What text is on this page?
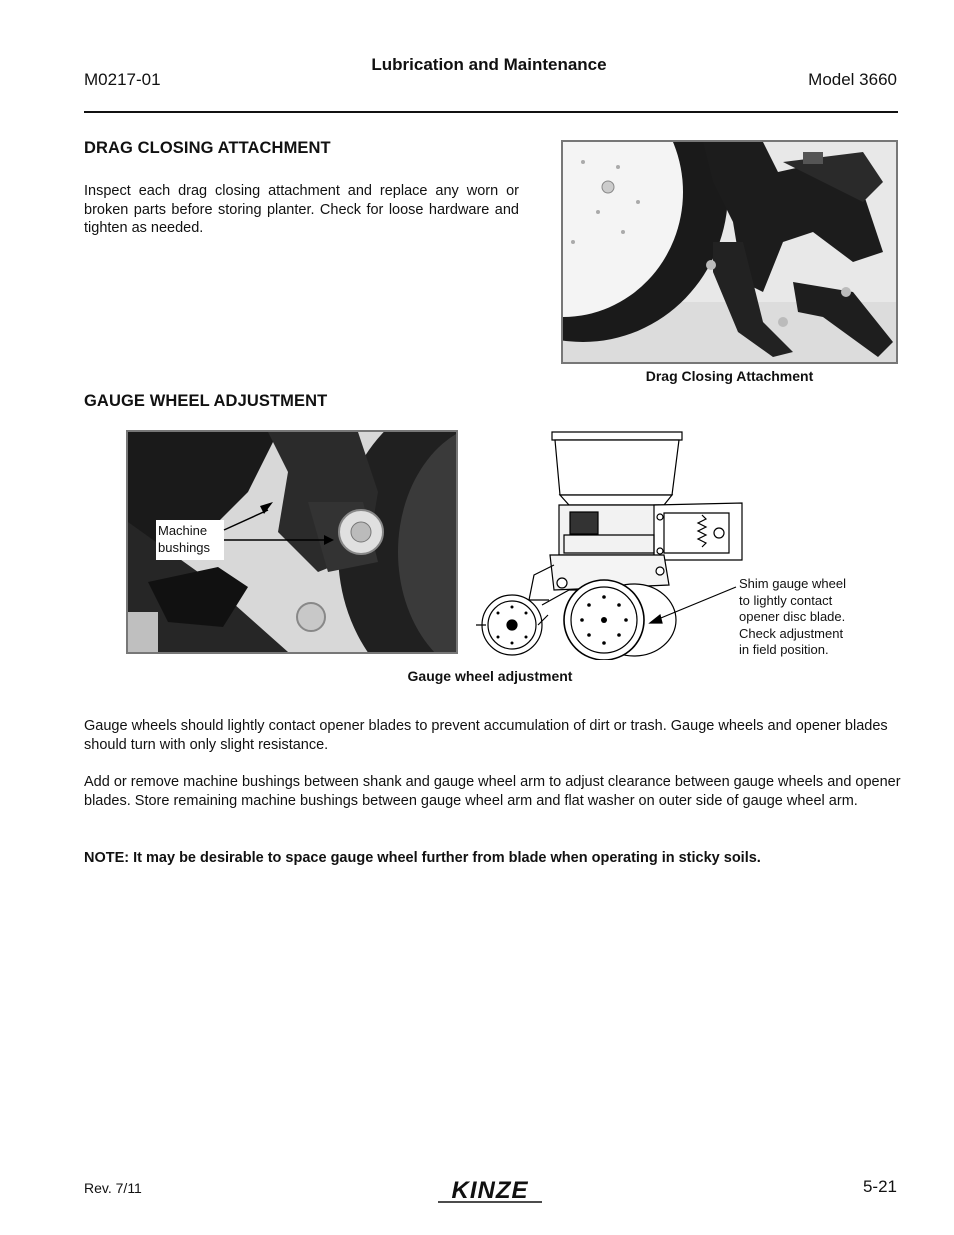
M0217-01
Lubrication and Maintenance
Model 3660
DRAG CLOSING ATTACHMENT
Inspect each drag closing attachment and replace any worn or broken parts before storing planter. Check for loose hardware and tighten as needed.
Drag Closing Attachment
GAUGE WHEEL ADJUSTMENT
Machine
bushings
Shim gauge wheel
to lightly contact
opener disc blade.
Check adjustment
in field position.
Gauge wheel adjustment
Gauge wheels should lightly contact opener blades to prevent accumulation of dirt or trash. Gauge wheels and opener blades should turn with only slight resistance.
Add or remove machine bushings between shank and gauge wheel arm to adjust clearance between gauge wheels and opener blades. Store remaining machine bushings between gauge wheel arm and flat washer on outer side of gauge wheel arm.
NOTE: It may be desirable to space gauge wheel further from blade when operating in sticky soils.
Rev. 7/11	KINZE	5-21
